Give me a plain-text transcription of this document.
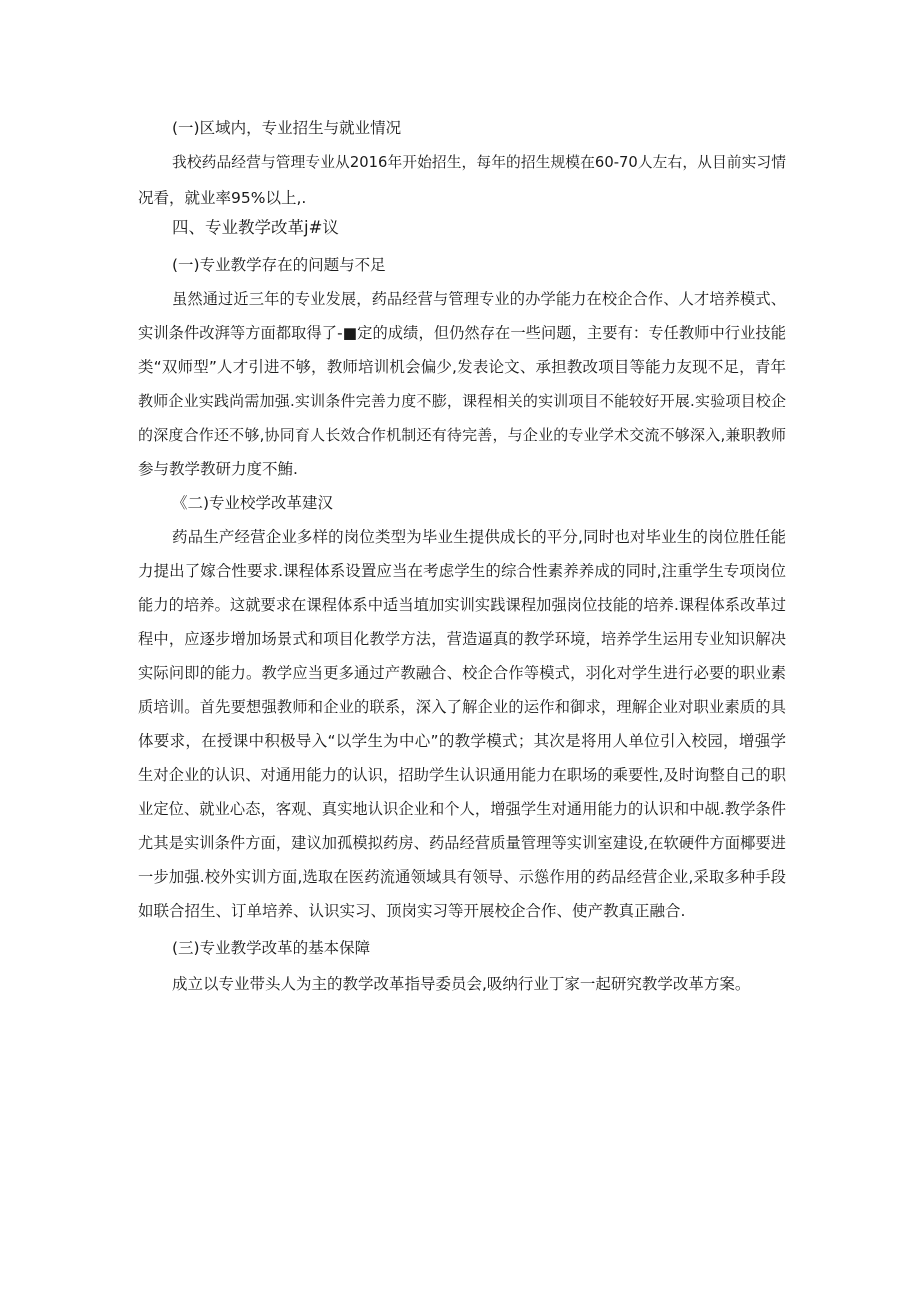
(一)区域内，专业招生与就业情况
我校药品经营与管理专业从2016年开始招生，每年的招生规模在60-70人左右，从目前实习情
况看，就业率95%以上,.
四、专业教学改革j#议
(一)专业教学存在的问题与不足
虽然通过近三年的专业发展，药品经营与管理专业的办学能力在校企合作、人才培养模式、
实训条件改湃等方面都取得了-■定的成绩，但仍然存在一些问题，主要有：专任教师中行业技能
类“双师型”人才引进不够，教师培训机会偏少,发表论文、承担教改项目等能力友现不足，青年
教师企业实践尚需加强.实训条件完善力度不膨，课程相关的实训项目不能较好开展.实验项目校企
的深度合作还不够,协同育人长效合作机制还有待完善，与企业的专业学术交流不够深入,兼职教师
参与教学教研力度不鮪.
《二)专业校学改革建汉
药品生产经营企业多样的岗位类型为毕业生提供成长的平分,同时也对毕业生的岗位胜任能
力提出了嫁合性要求.课程体系设置应当在考虑学生的综合性素养养成的同时,注重学生专项岗位
能力的培养。这就要求在课程体系中适当埴加实训实践课程加强岗位技能的培养.课程体系改革过
程中，应逐步增加场景式和项目化教学方法，营造逼真的教学环境，培养学生运用专业知识解决
实际问即的能力。教学应当更多通过产教融合、校企合作等模式，羽化对学生进行必要的职业素
质培训。首先要想强教师和企业的联系，深入了解企业的运作和御求，理解企业对职业素质的具
体要求，在授课中积极导入“以学生为中心”的教学模式；其次是将用人单位引入校园，增强学
生对企业的认识、对通用能力的认识，招助学生认识通用能力在职场的乘要性,及时询整自己的职
业定位、就业心态，客观、真实地认识企业和个人，增强学生对通用能力的认识和中觇.教学条件
尤其是实训条件方面，建议加孤模拟药房、药品经营质量管理等实训室建设,在软硬件方面椰要进
一步加强.校外实训方面,选取在医药流通领域具有领导、示慫作用的药品经营企业,采取多种手段
如联合招生、订单培养、认识实习、顶岗实习等开展校企合作、使产教真正融合.
(三)专业教学改革的基本保障
成立以专业带头人为主的教学改革指导委员会,吸纳行业丁家一起研究教学改革方案。
